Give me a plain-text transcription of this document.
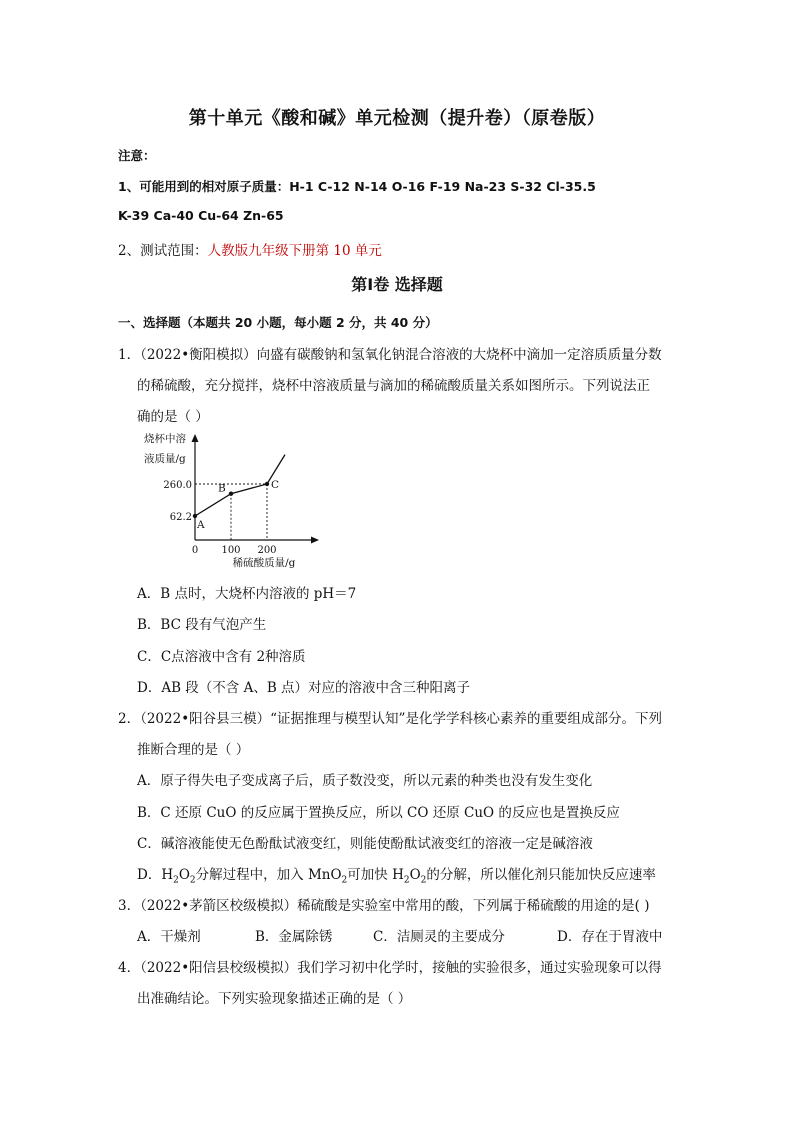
第十单元《酸和碱》单元检测（提升卷）（原卷版）
注意：
1、可能用到的相对原子质量：H-1 C-12 N-14 O-16 F-19 Na-23 S-32 Cl-35.5
K-39 Ca-40 Cu-64 Zn-65
2、测试范围：人教版九年级下册第 10 单元
第Ⅰ卷 选择题
一、选择题（本题共 20 小题，每小题 2 分，共 40 分）
1．（2022•衡阳模拟）向盛有碳酸钠和氢氧化钠混合溶液的大烧杯中滴加一定溶质质量分数
的稀硫酸，充分搅拌，烧杯中溶液质量与滴加的稀硫酸质量关系如图所示。下列说法正
确的是（ ）
烧杯中溶
液质量/g
A
B	C
62.2
260.0
0 100 200
稀硫酸质量/g
A．B 点时，大烧杯内溶液的 pH＝7
B．BC 段有气泡产生
C．C点溶液中含有 2种溶质
D．AB 段（不含 A、B 点）对应的溶液中含三种阳离子
2．（2022•阳谷县三模）“证据推理与模型认知”是化学学科核心素养的重要组成部分。下列
推断合理的是（ ）
A．原子得失电子变成离子后，质子数没变，所以元素的种类也没有发生变化
B．C 还原 CuO 的反应属于置换反应，所以 CO 还原 CuO 的反应也是置换反应
C．碱溶液能使无色酚酞试液变红，则能使酚酞试液变红的溶液一定是碱溶液
D．$H_2O_2$分解过程中，加入 MnO$_2$可加快 $H_2O_2$的分解，所以催化剂只能加快反应速率
3．（2022•茅箭区校级模拟）稀硫酸是实验室中常用的酸，下列属于稀硫酸的用途的是( )
A．干燥剂	B．金属除锈	C．洁厕灵的主要成分	D．存在于胃液中
4．（2022•阳信县校级模拟）我们学习初中化学时，接触的实验很多，通过实验现象可以得
出准确结论。下列实验现象描述正确的是（ ）
